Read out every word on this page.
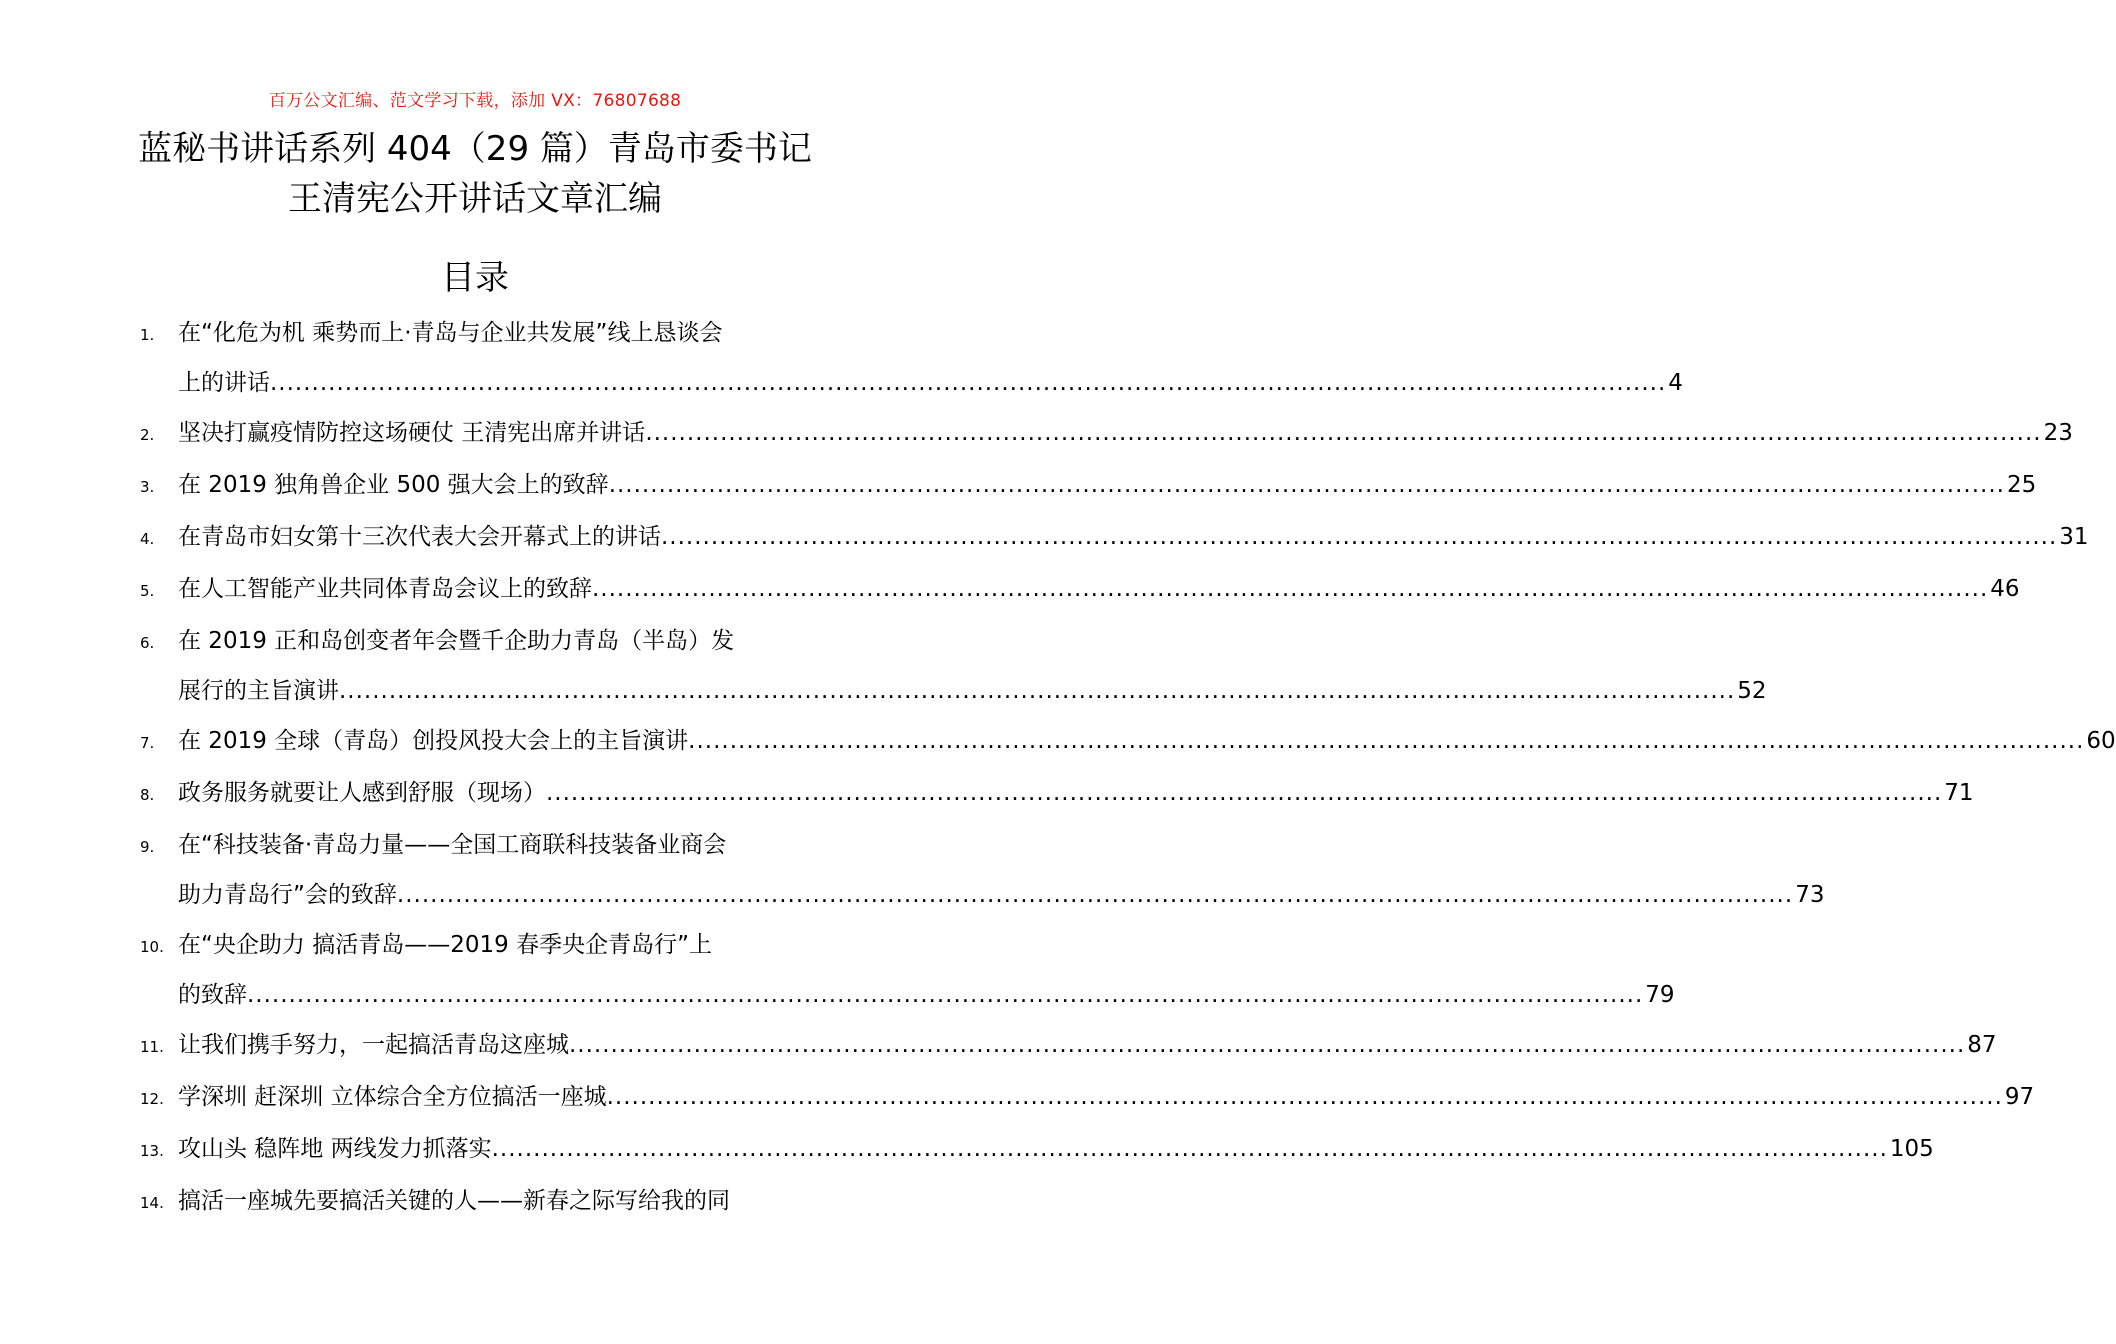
百万公文汇编、范文学习下载，添加 VX：76807688
蓝秘书讲话系列 404（29 篇）青岛市委书记王清宪公开讲话文章汇编
目录
1.	在“化危为机 乘势而上·青岛与企业共发展”线上恳谈会
上的讲话 .....	4
2.	坚决打赢疫情防控这场硬仗 王清宪出席并讲话 .....	23
3.	在 2019 独角兽企业 500 强大会上的致辞 .....	25
4.	在青岛市妇女第十三次代表大会开幕式上的讲话 .....	31
5.	在人工智能产业共同体青岛会议上的致辞 .....	46
6.	在 2019 正和岛创变者年会暨千企助力青岛（半岛）发
展行的主旨演讲 .....	52
7.	在 2019 全球（青岛）创投风投大会上的主旨演讲 .....	60
8.	政务服务就要让人感到舒服（现场） .....	71
9.	在“科技装备·青岛力量——全国工商联科技装备业商会
助力青岛行”会的致辞 .....	73
10. 在“央企助力 搞活青岛——2019 春季央企青岛行”上
的致辞 .....	79
11. 让我们携手努力，一起搞活青岛这座城 .....	87
12. 学深圳 赶深圳 立体综合全方位搞活一座城 .....	97
13. 攻山头 稳阵地 两线发力抓落实 .....	105
14. 搞活一座城先要搞活关键的人——新春之际写给我的同
